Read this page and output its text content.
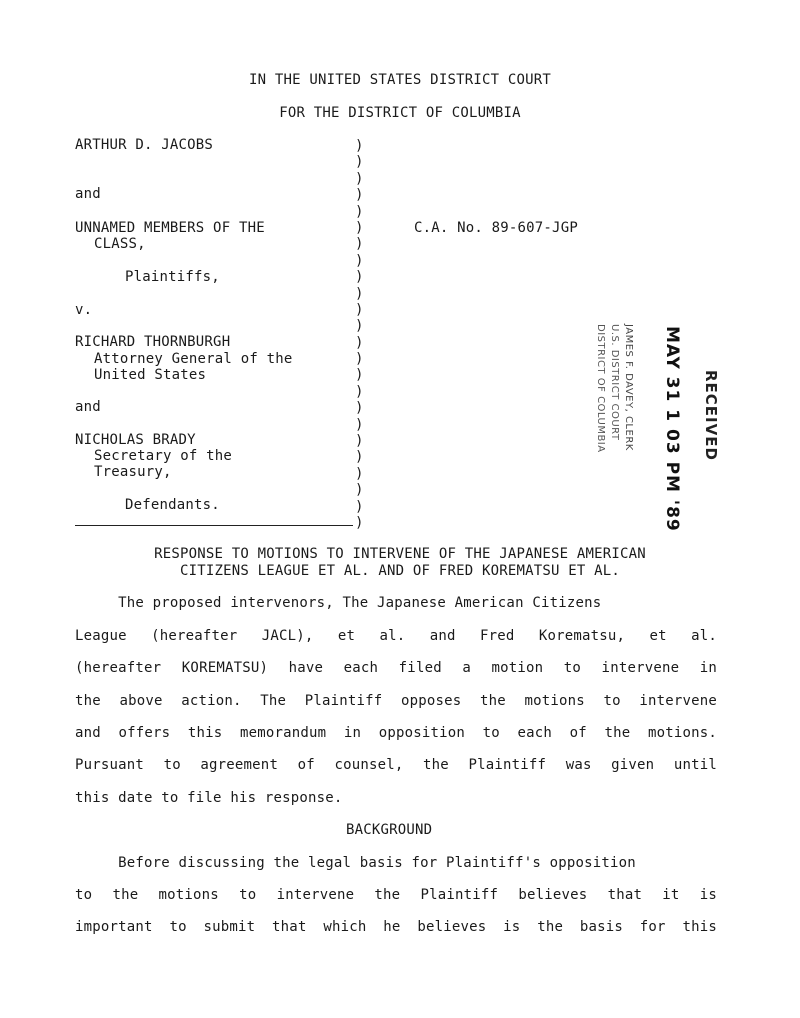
IN THE UNITED STATES DISTRICT COURT
FOR THE DISTRICT OF COLUMBIA
ARTHUR D. JACOBS
and
UNNAMED MEMBERS OF THE
CLASS,
Plaintiffs,
v.
RICHARD THORNBURGH
Attorney General of the
United States
and
NICHOLAS BRADY
Secretary of the
Treasury,
Defendants.
)
)
)
)
)
)
)
)
)
)
)
)
)
)
)
)
)
)
)
)
)
)
)
)
C.A. No. 89-607-JGP
RECEIVED
MAY 31 1 03 PM '89
JAMES F. DAVEY, CLERK
U.S. DISTRICT COURT
DISTRICT OF COLUMBIA
RESPONSE TO MOTIONS TO INTERVENE OF THE JAPANESE AMERICAN
CITIZENS LEAGUE ET AL. AND OF FRED KOREMATSU ET AL.
The proposed intervenors, The Japanese American Citizens
League (hereafter JACL), et al. and Fred Korematsu, et al.
(hereafter KOREMATSU) have each filed a motion to intervene in
the above action. The Plaintiff opposes the motions to intervene
and offers this memorandum in opposition to each of the motions.
Pursuant to agreement of counsel, the Plaintiff was given until
this date to file his response.
BACKGROUND
Before discussing the legal basis for Plaintiff's opposition
to the motions to intervene the Plaintiff believes that it is
important to submit that which he believes is the basis for this
